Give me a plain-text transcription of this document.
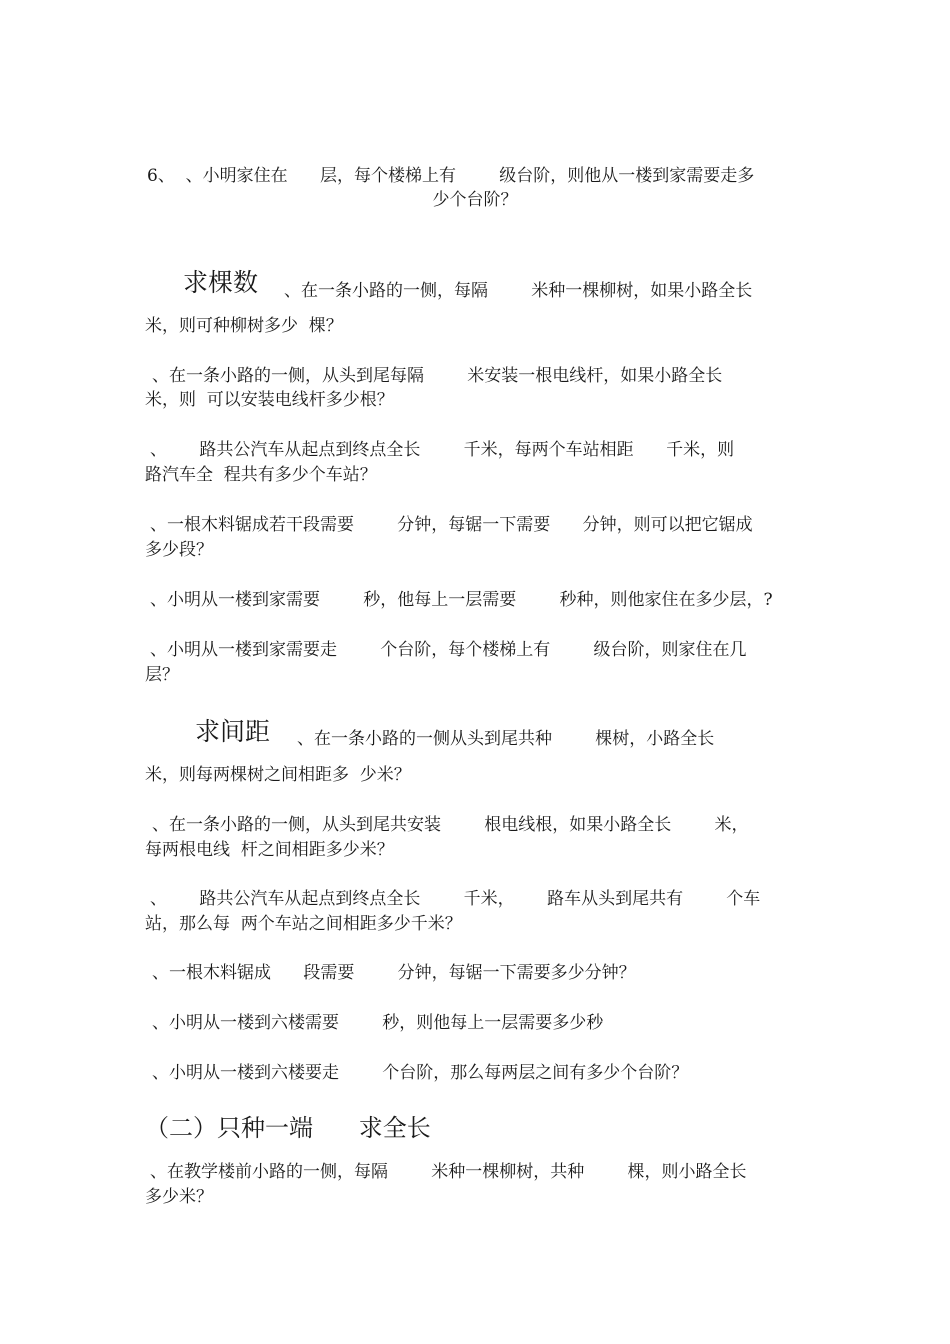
6、  、小明家住在      层，每个楼梯上有        级台阶，则他从一楼到家需要走多
少个台阶？
求棵数 、在一条小路的一侧，每隔        米种一棵柳树，如果小路全长
米，则可种柳树多少  棵？
、在一条小路的一侧，从头到尾每隔        米安装一根电线杆，如果小路全长
米，则  可以安装电线杆多少根？
、      路共公汽车从起点到终点全长        千米，每两个车站相距      千米，则
路汽车全  程共有多少个车站？
、一根木料锯成若干段需要        分钟，每锯一下需要      分钟，则可以把它锯成
多少段？
、小明从一楼到家需要        秒，他每上一层需要        秒种，则他家住在多少层，?
、小明从一楼到家需要走        个台阶，每个楼梯上有        级台阶，则家住在几
层？
求间距 、在一条小路的一侧从头到尾共种        棵树，小路全长
米，则每两棵树之间相距多  少米？
、在一条小路的一侧，从头到尾共安装        根电线根，如果小路全长        米，
每两根电线  杆之间相距多少米？
、      路共公汽车从起点到终点全长        千米，      路车从头到尾共有        个车
站，那么每  两个车站之间相距多少千米？
、一根木料锯成      段需要        分钟，每锯一下需要多少分钟？
、小明从一楼到六楼需要        秒，则他每上一层需要多少秒
、小明从一楼到六楼要走        个台阶，那么每两层之间有多少个台阶？
（二）只种一端      求全长
、在教学楼前小路的一侧，每隔        米种一棵柳树，共种        棵，则小路全长
多少米？
